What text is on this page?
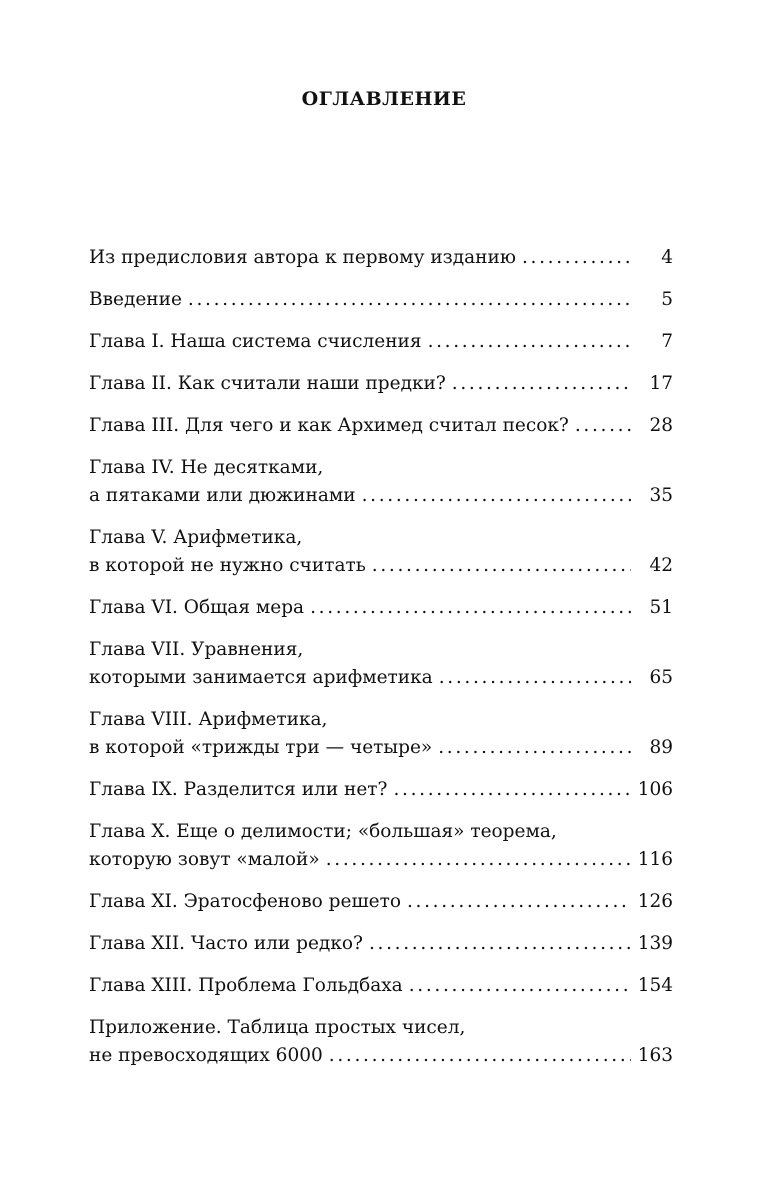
ОГЛАВЛЕНИЕ
Из предисловия автора к первому изданию . . .	4
Введение . . .	5
Глава I. Наша система счисления . . .	7
Глава II. Как считали наши предки? . . .	17
Глава III. Для чего и как Архимед считал песок? . . .	28
Глава IV. Не десятками,
а пятаками или дюжинами . . .	35
Глава V. Арифметика,
в которой не нужно считать . . .	42
Глава VI. Общая мера . . .	51
Глава VII. Уравнения,
которыми занимается арифметика . . .	65
Глава VIII. Арифметика,
в которой «трижды три — четыре» . . .	89
Глава IX. Разделится или нет? . . .	106
Глава X. Еще о делимости; «большая» теорема,
которую зовут «малой» . . .	116
Глава XI. Эратосфеново решето . . .	126
Глава XII. Часто или редко? . . .	139
Глава XIII. Проблема Гольдбаха . . .	154
Приложение. Таблица простых чисел,
не превосходящих 6000 . . .	163
